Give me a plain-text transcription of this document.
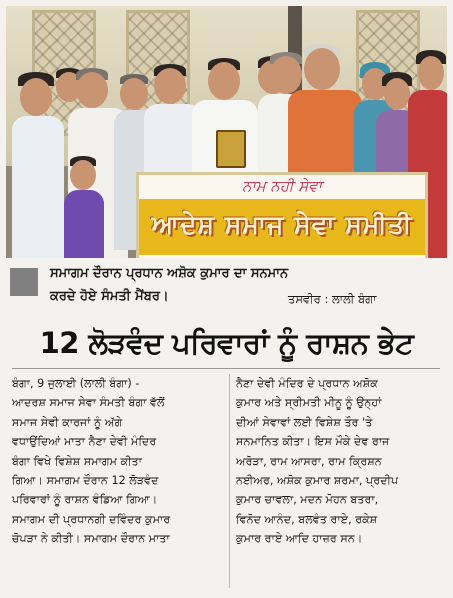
ਨਾਮ ਨਹੀ ਸੇਵਾ
ਆਦੇਸ਼ ਸਮਾਜ ਸੇਵਾ ਸਮੀਤੀ
ਸਮਾਗਮ ਦੌਰਾਨ ਪ੍ਰਧਾਨ ਅਸ਼ੋਕ ਕੁਮਾਰ ਦਾ ਸਨਮਾਨ
ਕਰਦੇ ਹੋਏ ਸੰਮਤੀ ਮੈਂਬਰ।	ਤਸਵੀਰ : ਲਾਲੀ ਬੰਗਾ
12 ਲੋੜਵੰਦ ਪਰਿਵਾਰਾਂ ਨੂੰ ਰਾਸ਼ਨ ਭੇਟ
ਬੰਗਾ, 9 ਜੁਲਾਈ (ਲਾਲੀ ਬੰਗਾ) -
ਆਦਰਸ਼ ਸਮਾਜ ਸੇਵਾ ਸੰਮਤੀ ਬੰਗਾ ਵੱਲੋਂ
ਸਮਾਜ ਸੇਵੀ ਕਾਰਜਾਂ ਨੂੰ ਅੱਗੇ
ਵਧਾਉਂਦਿਆਂ ਮਾਤਾ ਨੈਣਾ ਦੇਵੀ ਮੰਦਿਰ
ਬੰਗਾ ਵਿਖੇ ਵਿਸ਼ੇਸ਼ ਸਮਾਗਮ ਕੀਤਾ
ਗਿਆ। ਸਮਾਗਮ ਦੌਰਾਨ 12 ਲੋੜਵੰਦ
ਪਰਿਵਾਰਾਂ ਨੂੰ ਰਾਸ਼ਨ ਵੰਡਿਆ ਗਿਆ।
ਸਮਾਗਮ ਦੀ ਪ੍ਰਧਾਨਗੀ ਦਵਿੰਦਰ ਕੁਮਾਰ
ਚੋਪੜਾ ਨੇ ਕੀਤੀ। ਸਮਾਗਮ ਦੌਰਾਨ ਮਾਤਾ
ਨੈਣਾ ਦੇਵੀ ਮੰਦਿਰ ਦੇ ਪ੍ਰਧਾਨ ਅਸ਼ੋਕ
ਕੁਮਾਰ ਅਤੇ ਸ੍ਰੀਮਤੀ ਮੀਨੂ ਨੂੰ ਉਨ੍ਹਾਂ
ਦੀਆਂ ਸੇਵਾਵਾਂ ਲਈ ਵਿਸ਼ੇਸ਼ ਤੌਰ 'ਤੇ
ਸਨਮਾਨਿਤ ਕੀਤਾ। ਇਸ ਮੌਕੇ ਦੇਵ ਰਾਜ
ਅਰੋੜਾ, ਰਾਮ ਆਸਰਾ, ਰਾਮ ਕ੍ਰਿਸ਼ਨ
ਨਈਅਰ, ਅਸ਼ੋਕ ਕੁਮਾਰ ਸ਼ਰਮਾ, ਪ੍ਰਦੀਪ
ਕੁਮਾਰ ਚਾਵਲਾ, ਮਦਨ ਮੋਹਨ ਬਤਰਾ,
ਵਿਨੋਦ ਆਨੰਦ, ਬਲਵੰਤ ਰਾਏ, ਰਕੇਸ਼
ਕੁਮਾਰ ਰਾਏ ਆਦਿ ਹਾਜ਼ਰ ਸਨ।
